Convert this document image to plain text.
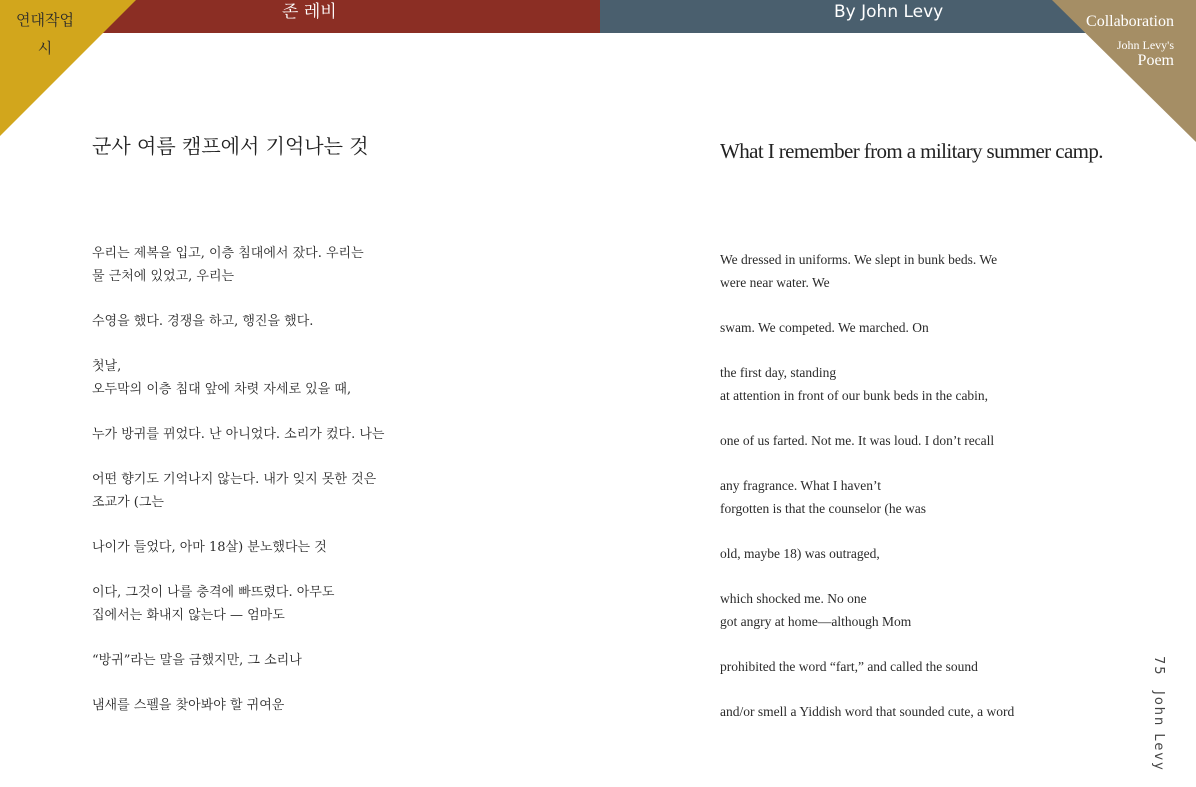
존 레비	By John Levy
연대작업
시
Collaboration
John Levy's
Poem
군사 여름 캠프에서 기억나는 것	What I remember from a military summer camp.
우리는 제복을 입고, 이층 침대에서 잤다. 우리는
물 근처에 있었고, 우리는
수영을 했다. 경쟁을 하고, 행진을 했다.
첫날,
오두막의 이층 침대 앞에 차렷 자세로 있을 때,
누가 방귀를 뀌었다. 난 아니었다. 소리가 컸다. 나는
어떤 향기도 기억나지 않는다. 내가 잊지 못한 것은
조교가 (그는
나이가 들었다, 아마 18살) 분노했다는 것
이다, 그것이 나를 충격에 빠뜨렸다. 아무도
집에서는 화내지 않는다 — 엄마도
“방귀”라는 말을 금했지만, 그 소리나
냄새를 스펠을 찾아봐야 할 귀여운
We dressed in uniforms. We slept in bunk beds. We
were near water. We
swam. We competed. We marched. On
the first day, standing
at attention in front of our bunk beds in the cabin,
one of us farted. Not me. It was loud. I don’t recall
any fragrance. What I haven’t
forgotten is that the counselor (he was
old, maybe 18) was outraged,
which shocked me. No one
got angry at home—although Mom
prohibited the word “fart,” and called the sound
and/or smell a Yiddish word that sounded cute, a word
75 John Levy
